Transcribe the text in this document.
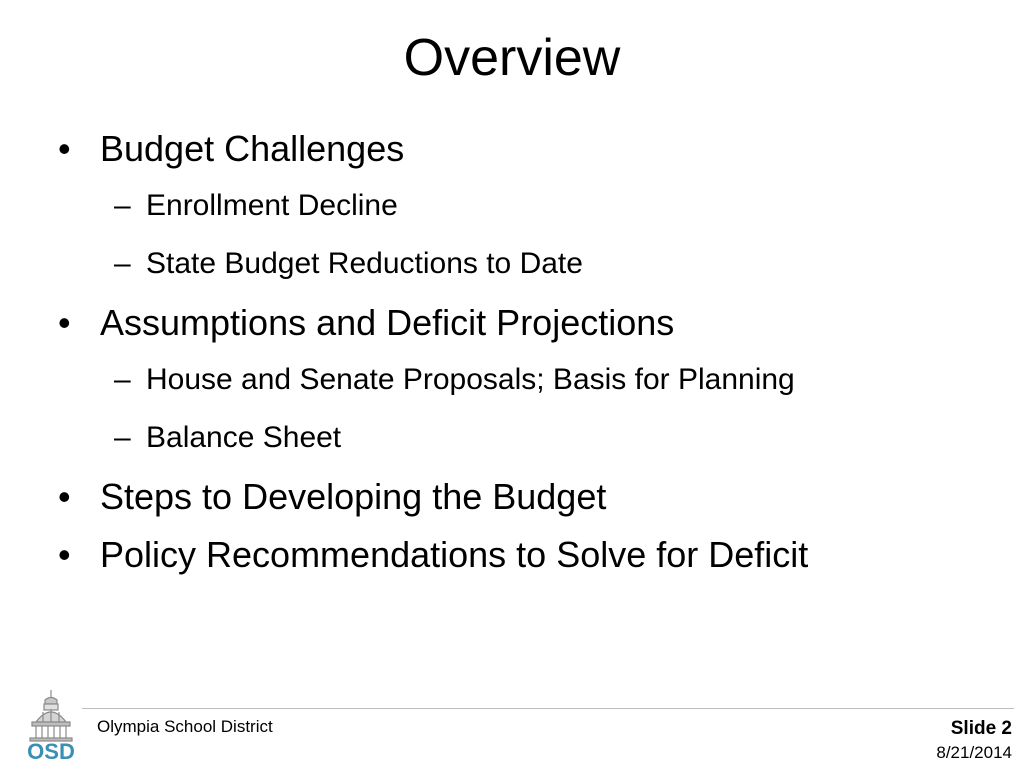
Overview
• Budget Challenges
– Enrollment Decline
– State Budget Reductions to Date
• Assumptions and Deficit Projections
– House and Senate Proposals; Basis for Planning
– Balance Sheet
• Steps to Developing the Budget
• Policy Recommendations to Solve for Deficit
OSD
Olympia School District	Slide 2
8/21/2014
